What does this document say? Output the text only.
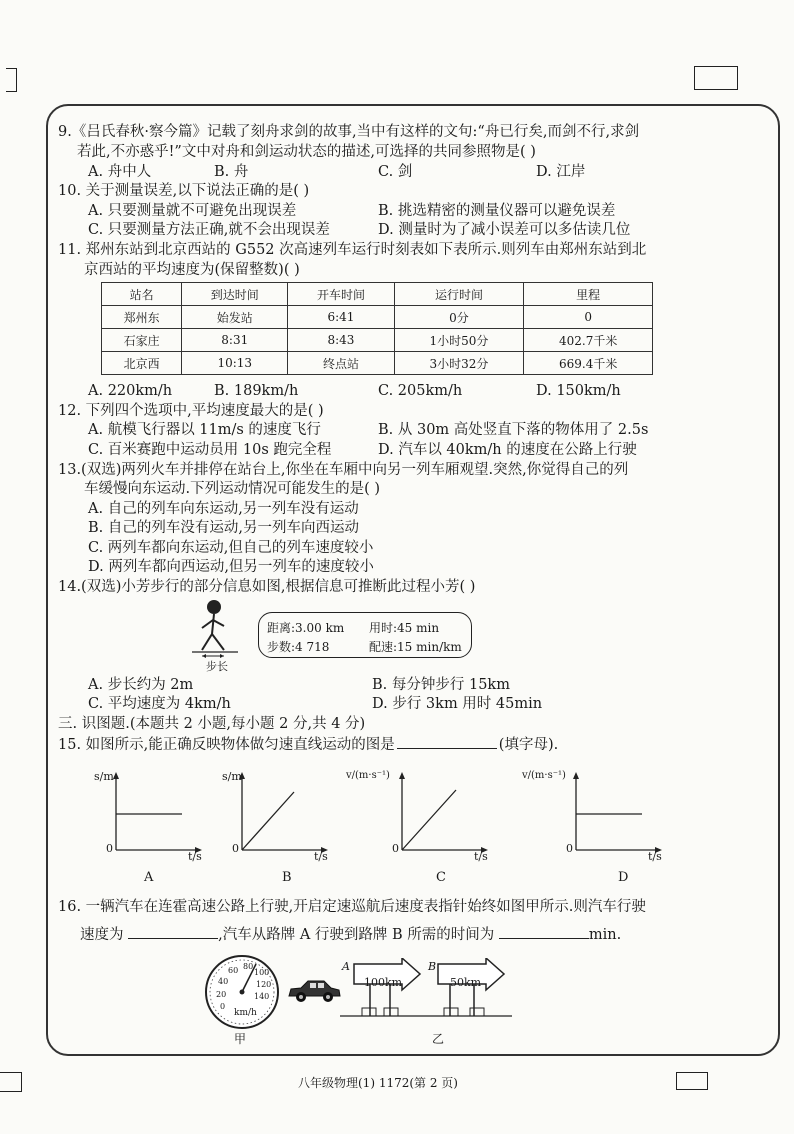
9.《吕氏春秋·察今篇》记载了刻舟求剑的故事,当中有这样的文句:“舟已行矣,而剑不行,求剑
若此,不亦惑乎!”文中对舟和剑运动状态的描述,可选择的共同参照物是( )
A. 舟中人	B. 舟	C. 剑	D. 江岸
10. 关于测量误差,以下说法正确的是( )
A. 只要测量就不可避免出现误差	B. 挑选精密的测量仪器可以避免误差
C. 只要测量方法正确,就不会出现误差	D. 测量时为了减小误差可以多估读几位
11. 郑州东站到北京西站的 G552 次高速列车运行时刻表如下表所示.则列车由郑州东站到北
京西站的平均速度为(保留整数)( )
站名	到达时间	开车时间	运行时间	里程
郑州东	始发站	6:41	0分	0
石家庄	8:31	8:43	1小时50分	402.7千米
北京西	10:13	终点站	3小时32分	669.4千米
A. 220km/h	B. 189km/h	C. 205km/h	D. 150km/h
12. 下列四个选项中,平均速度最大的是( )
A. 航模飞行器以 11m/s 的速度飞行	B. 从 30m 高处竖直下落的物体用了 2.5s
C. 百米赛跑中运动员用 10s 跑完全程	D. 汽车以 40km/h 的速度在公路上行驶
13.(双选)两列火车并排停在站台上,你坐在车厢中向另一列车厢观望.突然,你觉得自己的列
车缓慢向东运动.下列运动情况可能发生的是( )
A. 自己的列车向东运动,另一列车没有运动
B. 自己的列车没有运动,另一列车向西运动
C. 两列车都向东运动,但自己的列车速度较小
D. 两列车都向西运动,但另一列车的速度较小
14.(双选)小芳步行的部分信息如图,根据信息可推断此过程小芳( )
步长
距离:3.00 km 用时:45 min
步数:4 718	配速:15 min/km
A. 步长约为 2m	B. 每分钟步行 15km
C. 平均速度为 4km/h	D. 步行 3km 用时 45min
三. 识图题.(本题共 2 小题,每小题 2 分,共 4 分)
15. 如图所示,能正确反映物体做匀速直线运动的图是	(填字母).
s/m
0
t/s
A
s/m
0
t/s
B
v/(m·s⁻¹)
0
t/s
C
v/(m·s⁻¹)
0
t/s
D
16. 一辆汽车在连霍高速公路上行驶,开启定速巡航后速度表指针始终如图甲所示.则汽车行驶
速度为	,汽车从路牌 A 行驶到路牌 B 所需的时间为	min.
0
20
40
60 80
100
120
140
km/h
甲
A
100km
B
50km
乙
八年级物理(1) 1172(第 2 页)
